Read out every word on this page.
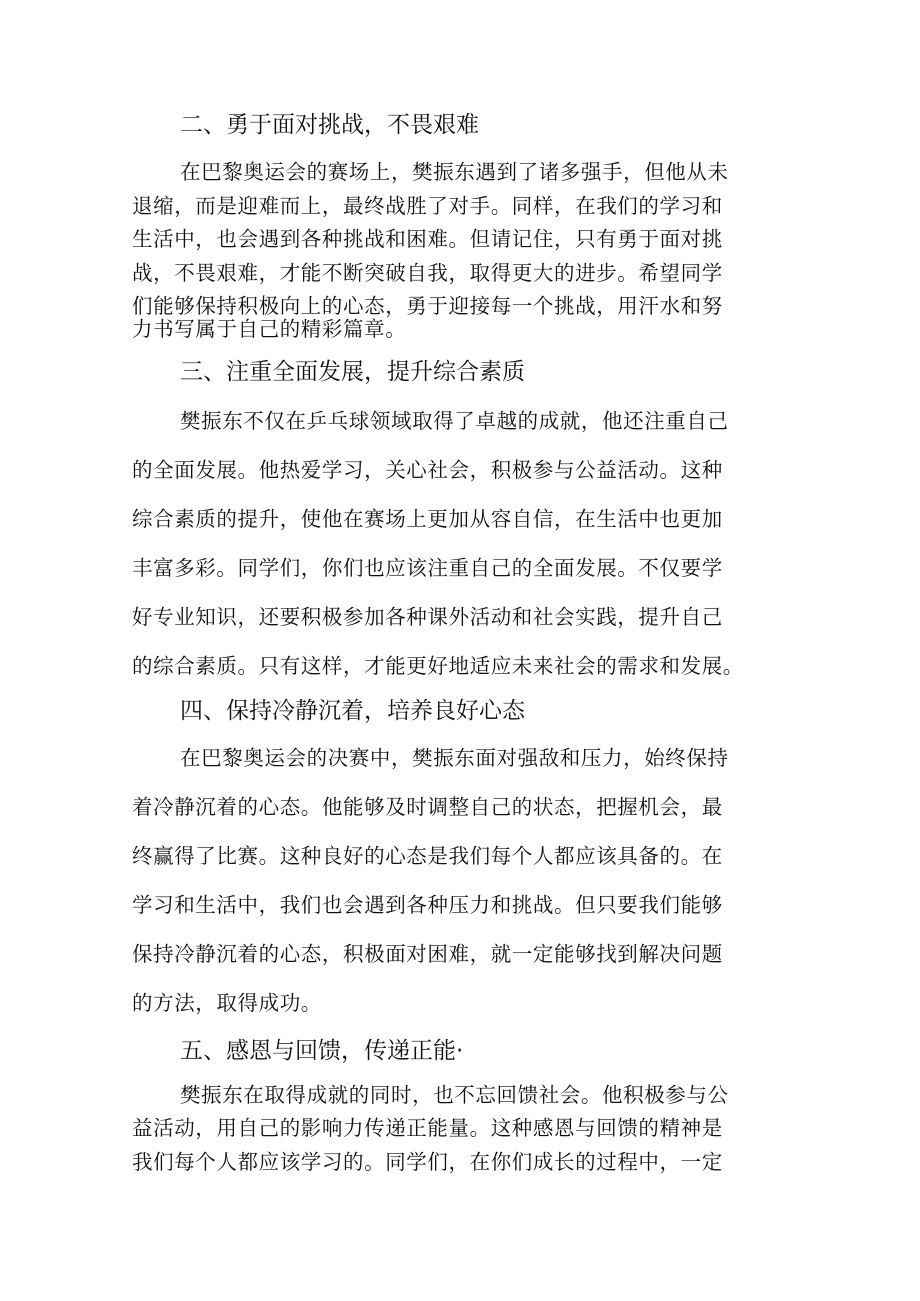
二、勇于面对挑战，不畏艰难

在巴黎奥运会的赛场上，樊振东遇到了诸多强手，但他从未

退缩，而是迎难而上，最终战胜了对手。同样，在我们的学习和

生活中，也会遇到各种挑战和困难。但请记住，只有勇于面对挑

战，不畏艰难，才能不断突破自我，取得更大的进步。希望同学

们能够保持积极向上的心态，勇于迎接每一个挑战，用汗水和努

力书写属于自己的精彩篇章。

三、注重全面发展，提升综合素质

樊振东不仅在乒乓球领域取得了卓越的成就，他还注重自己

的全面发展。他热爱学习，关心社会，积极参与公益活动。这种

综合素质的提升，使他在赛场上更加从容自信，在生活中也更加

丰富多彩。同学们，你们也应该注重自己的全面发展。不仅要学

好专业知识，还要积极参加各种课外活动和社会实践，提升自己

的综合素质。只有这样，才能更好地适应未来社会的需求和发展。

四、保持冷静沉着，培养良好心态

在巴黎奥运会的决赛中，樊振东面对强敌和压力，始终保持

着冷静沉着的心态。他能够及时调整自己的状态，把握机会，最

终赢得了比赛。这种良好的心态是我们每个人都应该具备的。在

学习和生活中，我们也会遇到各种压力和挑战。但只要我们能够

保持冷静沉着的心态，积极面对困难，就一定能够找到解决问题

的方法，取得成功。

五、感恩与回馈，传递正能·

樊振东在取得成就的同时，也不忘回馈社会。他积极参与公

益活动，用自己的影响力传递正能量。这种感恩与回馈的精神是

我们每个人都应该学习的。同学们，在你们成长的过程中，一定
